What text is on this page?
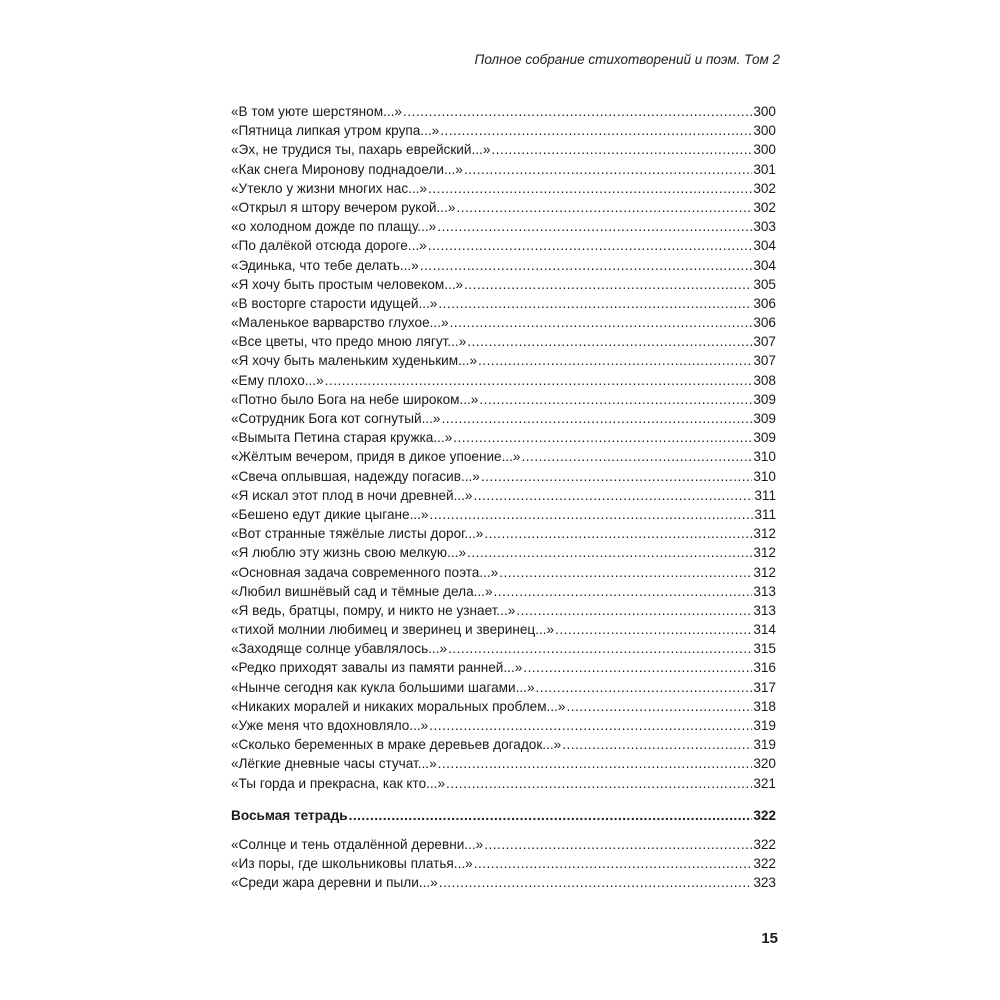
Полное собрание стихотворений и поэм. Том 2
«В том уюте шерстяном...» .....	300
«Пятница липкая утром крупа...» .....	300
«Эх, не трудися ты, пахарь еврейский...» .....	300
«Как снега Миронову поднадоели...» .....	301
«Утекло у жизни многих нас...» .....	302
«Открыл я штору вечером рукой...» .....	302
«о холодном дожде по плащу...» .....	303
«По далёкой отсюда дороге...» .....	304
«Эдинька, что тебе делать...» .....	304
«Я хочу быть простым человеком...» .....	305
«В восторге старости идущей...» .....	306
«Маленькое варварство глухое...» .....	306
«Все цветы, что предо мною лягут...» .....	307
«Я хочу быть маленьким худеньким...» .....	307
«Ему плохо...» .....	308
«Потно было Бога на небе широком...» .....	309
«Сотрудник Бога кот согнутый...» .....	309
«Вымыта Петина старая кружка...» .....	309
«Жёлтым вечером, придя в дикое упоение...» .....	310
«Свеча оплывшая, надежду погасив...» .....	310
«Я искал этот плод в ночи древней...» .....	311
«Бешено едут дикие цыгане...» .....	311
«Вот странные тяжёлые листы дорог...» .....	312
«Я люблю эту жизнь свою мелкую...» .....	312
«Основная задача современного поэта...» .....	312
«Любил вишнёвый сад и тёмные дела...» .....	313
«Я ведь, братцы, помру, и никто не узнает...» .....	313
«тихой молнии любимец и зверинец и зверинец...» .....	314
«Заходяще солнце убавлялось...» .....	315
«Редко приходят завалы из памяти ранней...» .....	316
«Нынче сегодня как кукла большими шагами...» .....	317
«Никаких моралей и никаких моральных проблем...» .....	318
«Уже меня что вдохновляло...» .....	319
«Сколько беременных в мраке деревьев догадок...» .....	319
«Лёгкие дневные часы стучат...» .....	320
«Ты горда и прекрасна, как кто...» .....	321
Восьмая тетрадь .....	322
«Солнце и тень отдалённой деревни...» .....	322
«Из поры, где школьниковы платья...» .....	322
«Среди жара деревни и пыли...» .....	323
15
